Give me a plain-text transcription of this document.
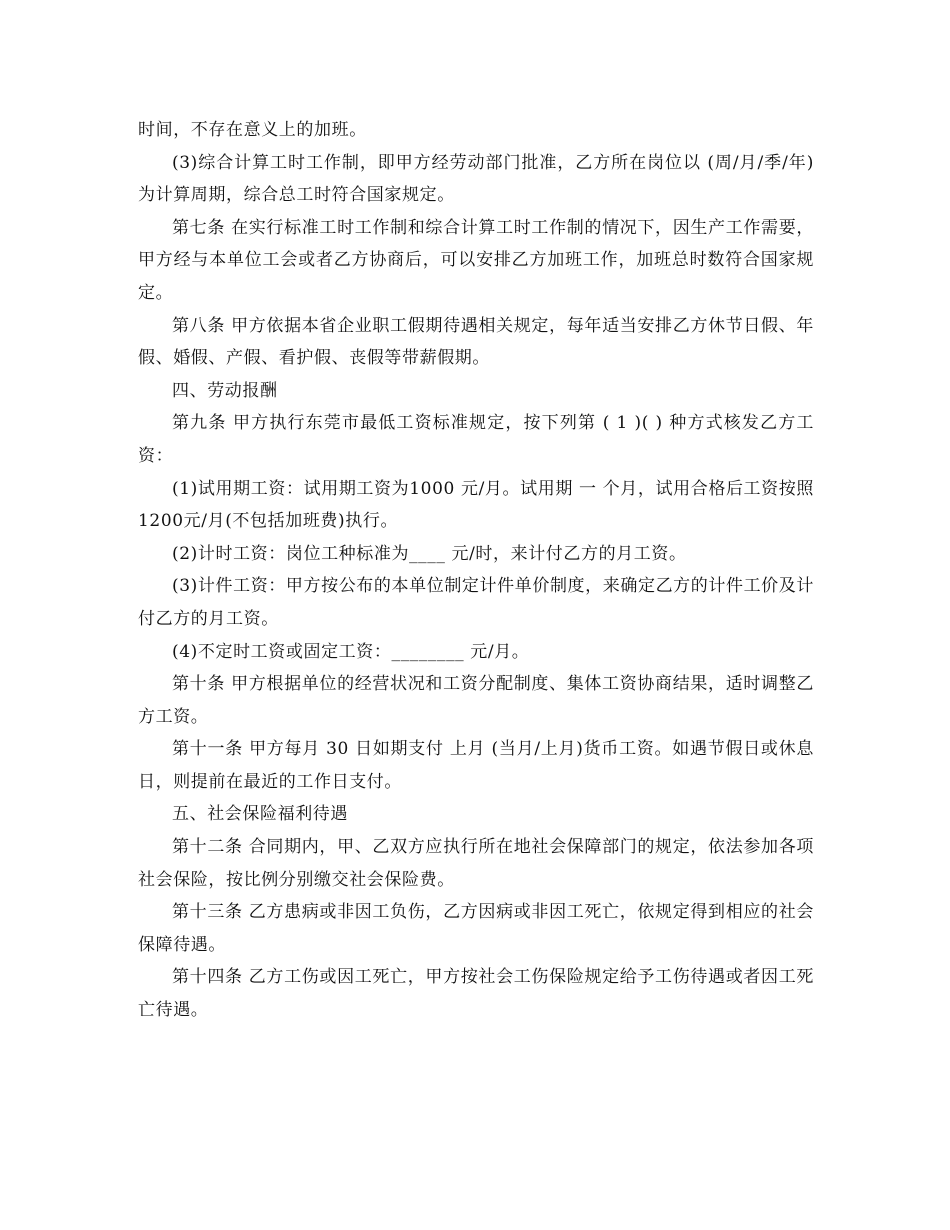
时间，不存在意义上的加班。

(3)综合计算工时工作制，即甲方经劳动部门批准，乙方所在岗位以 (周/月/季/年)为计算周期，综合总工时符合国家规定。

第七条 在实行标准工时工作制和综合计算工时工作制的情况下，因生产工作需要，甲方经与本单位工会或者乙方协商后，可以安排乙方加班工作，加班总时数符合国家规定。

第八条 甲方依据本省企业职工假期待遇相关规定，每年适当安排乙方休节日假、年假、婚假、产假、看护假、丧假等带薪假期。

四、劳动报酬

第九条 甲方执行东莞市最低工资标准规定，按下列第 ( 1 )( ) 种方式核发乙方工资：

(1)试用期工资：试用期工资为1000 元/月。试用期 一 个月，试用合格后工资按照1200元/月(不包括加班费)执行。

(2)计时工资：岗位工种标准为____ 元/时，来计付乙方的月工资。

(3)计件工资：甲方按公布的本单位制定计件单价制度，来确定乙方的计件工价及计付乙方的月工资。

(4)不定时工资或固定工资：________ 元/月。

第十条 甲方根据单位的经营状况和工资分配制度、集体工资协商结果，适时调整乙方工资。

第十一条 甲方每月 30 日如期支付 上月 (当月/上月)货币工资。如遇节假日或休息日，则提前在最近的工作日支付。

五、社会保险福利待遇

第十二条 合同期内，甲、乙双方应执行所在地社会保障部门的规定，依法参加各项社会保险，按比例分别缴交社会保险费。

第十三条 乙方患病或非因工负伤，乙方因病或非因工死亡，依规定得到相应的社会保障待遇。

第十四条 乙方工伤或因工死亡，甲方按社会工伤保险规定给予工伤待遇或者因工死亡待遇。
